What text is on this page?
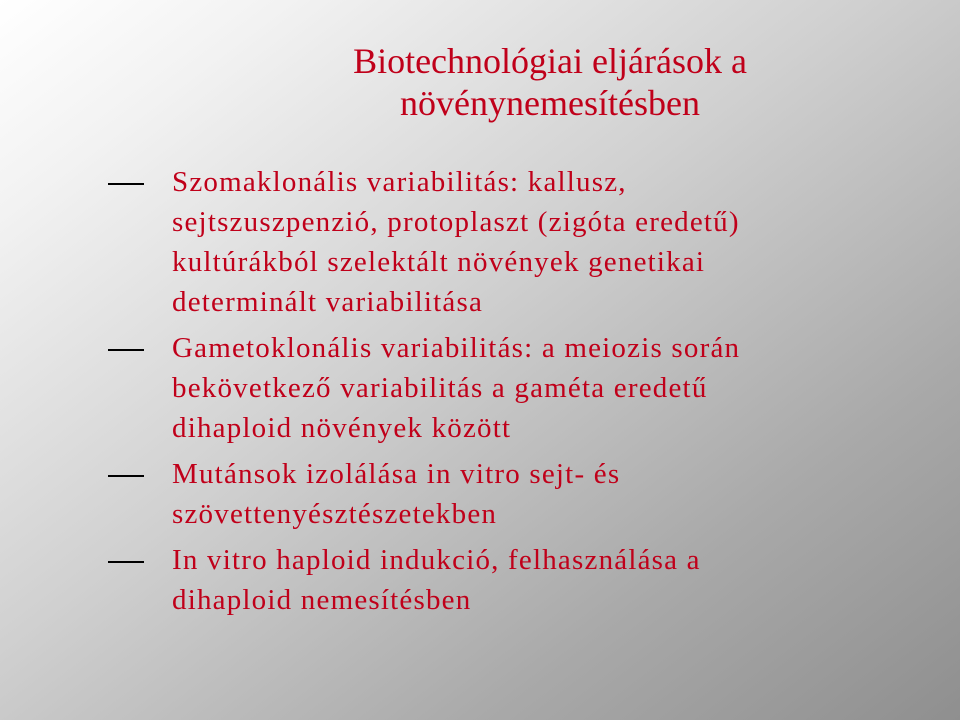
Biotechnológiai eljárások a
növénynemesítésben
Szomaklonális variabilitás: kallusz,
sejtszuszpenzió, protoplaszt (zigóta eredetű)
kultúrákból szelektált növények genetikai
determinált variabilitása
Gametoklonális variabilitás: a meiozis során
bekövetkező variabilitás a gaméta eredetű
dihaploid növények között
Mutánsok izolálása in vitro sejt- és
szövettenyésztészetekben
In vitro haploid indukció, felhasználása a
dihaploid nemesítésben
